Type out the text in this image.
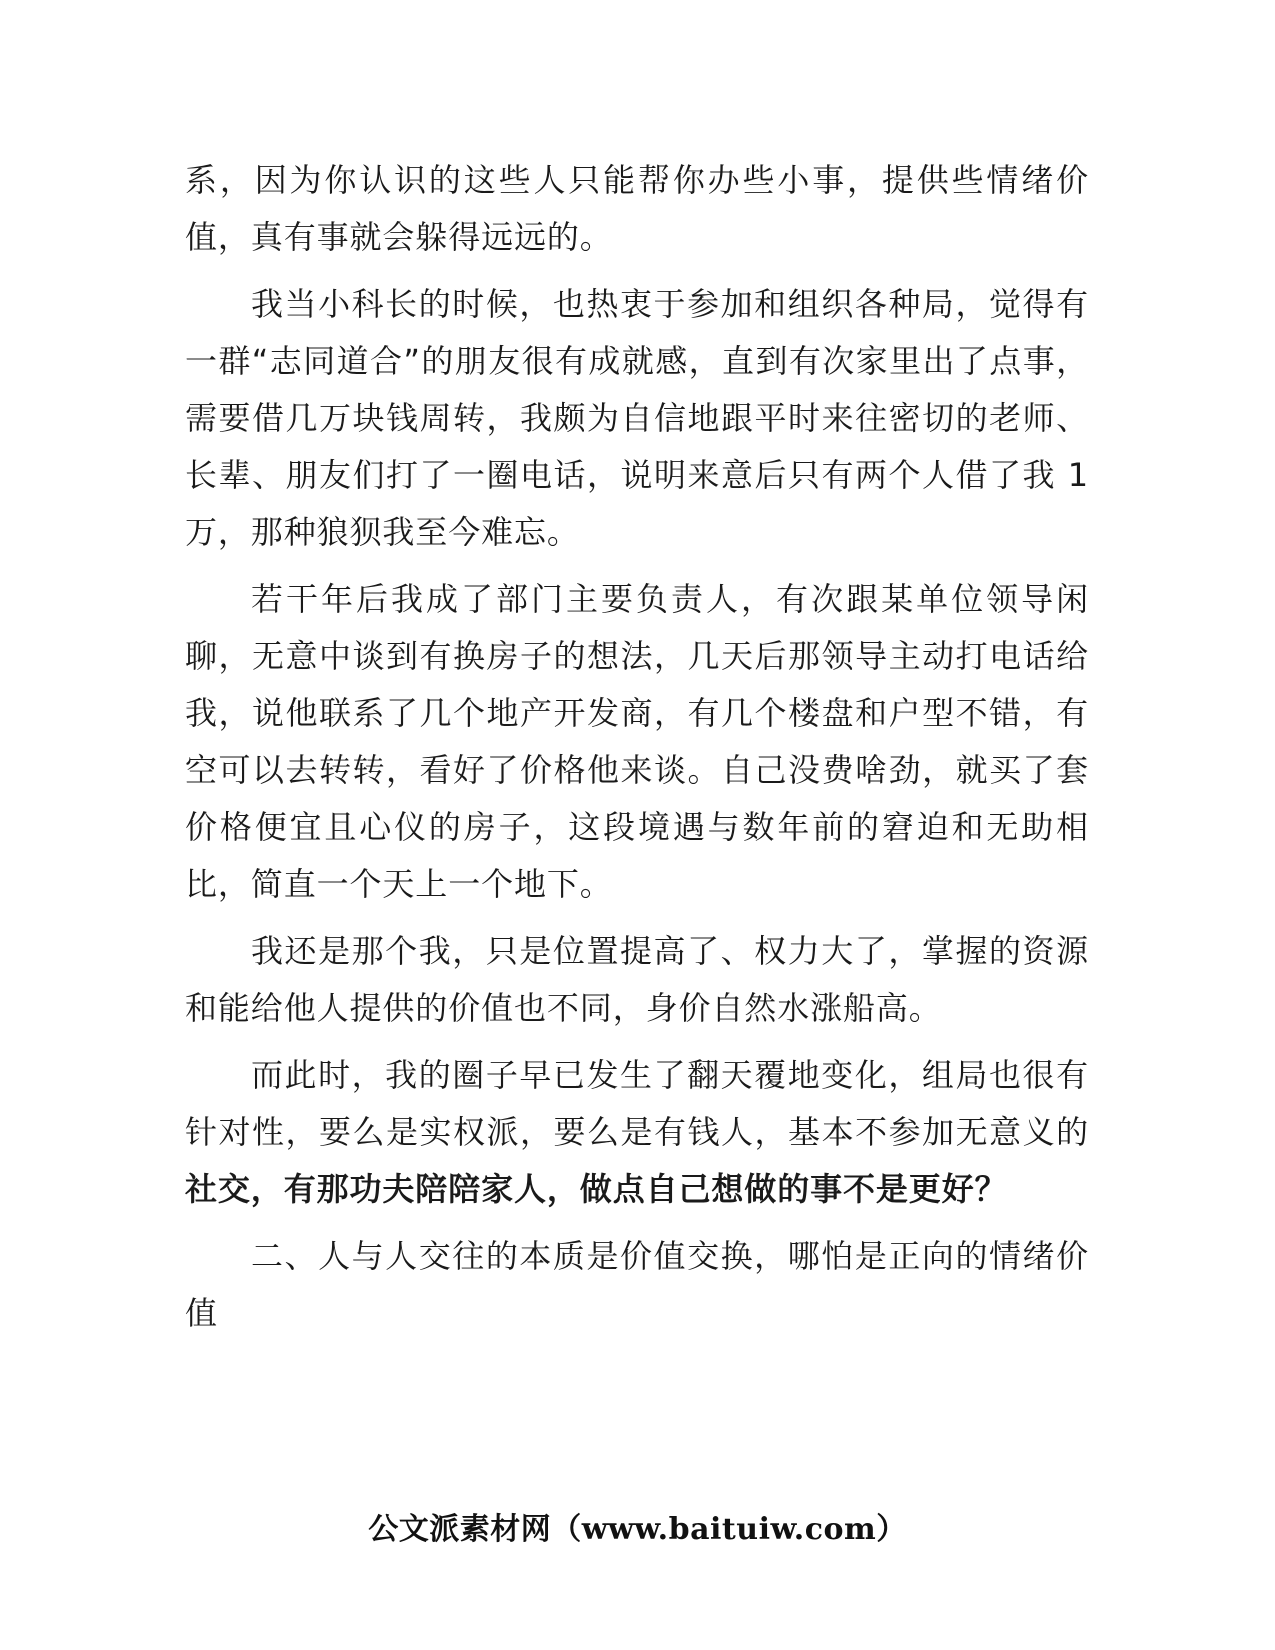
系，因为你认识的这些人只能帮你办些小事，提供些情绪价值，真有事就会躲得远远的。

我当小科长的时候，也热衷于参加和组织各种局，觉得有一群“志同道合”的朋友很有成就感，直到有次家里出了点事，需要借几万块钱周转，我颇为自信地跟平时来往密切的老师、长辈、朋友们打了一圈电话，说明来意后只有两个人借了我 1 万，那种狼狈我至今难忘。

若干年后我成了部门主要负责人，有次跟某单位领导闲聊，无意中谈到有换房子的想法，几天后那领导主动打电话给我，说他联系了几个地产开发商，有几个楼盘和户型不错，有空可以去转转，看好了价格他来谈。自己没费啥劲，就买了套价格便宜且心仪的房子，这段境遇与数年前的窘迫和无助相比，简直一个天上一个地下。

我还是那个我，只是位置提高了、权力大了，掌握的资源和能给他人提供的价值也不同，身价自然水涨船高。

而此时，我的圈子早已发生了翻天覆地变化，组局也很有针对性，要么是实权派，要么是有钱人，基本不参加无意义的社交，有那功夫陪陪家人，做点自己想做的事不是更好？

二、人与人交往的本质是价值交换，哪怕是正向的情绪价值

公文派素材网（www.baituiw.com）
